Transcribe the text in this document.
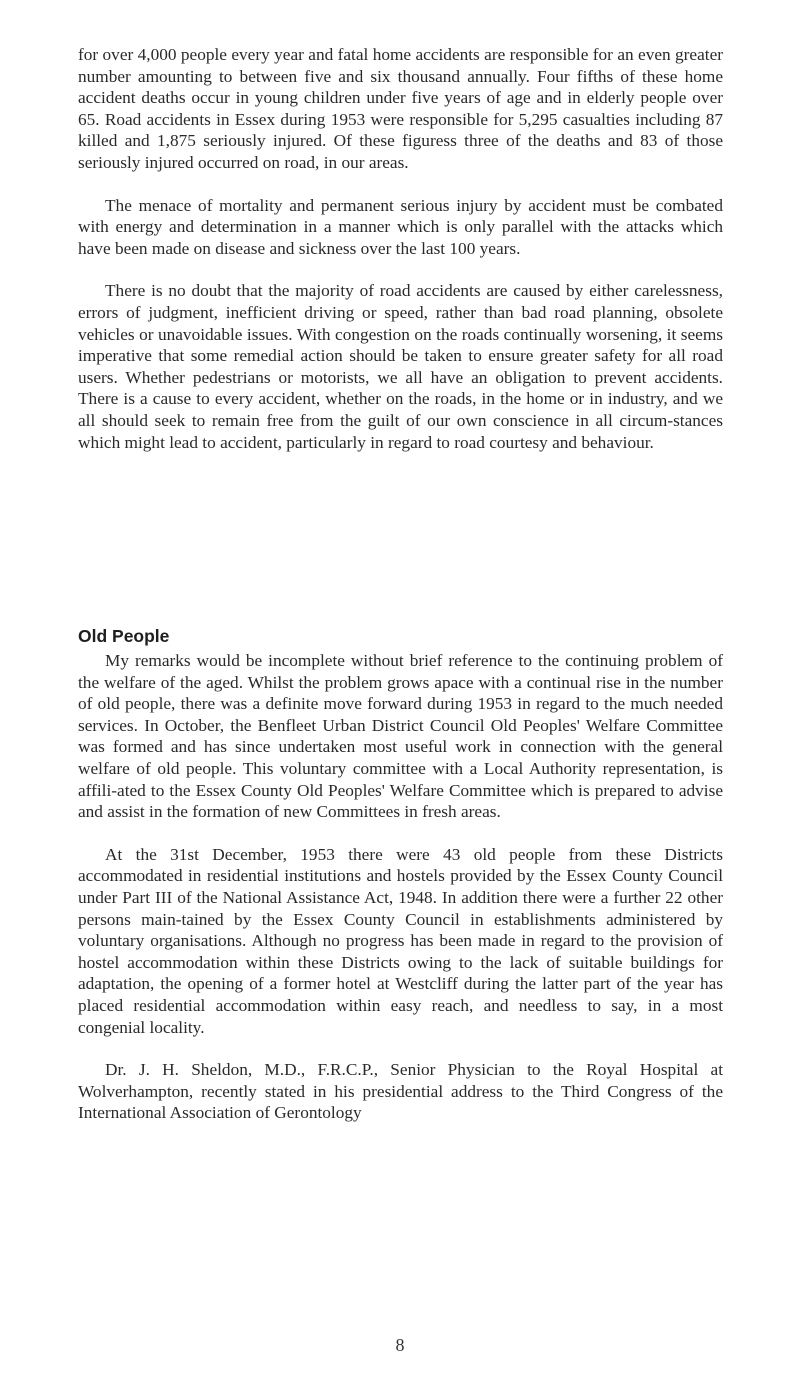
for over 4,000 people every year and fatal home accidents are responsible for an even greater number amounting to between five and six thousand annually. Four fifths of these home accident deaths occur in young children under five years of age and in elderly people over 65. Road accidents in Essex during 1953 were responsible for 5,295 casualties including 87 killed and 1,875 seriously injured. Of these figuress three of the deaths and 83 of those seriously injured occurred on road, in our areas.

The menace of mortality and permanent serious injury by accident must be combated with energy and determination in a manner which is only parallel with the attacks which have been made on disease and sickness over the last 100 years.

There is no doubt that the majority of road accidents are caused by either carelessness, errors of judgment, inefficient driving or speed, rather than bad road planning, obsolete vehicles or unavoidable issues. With congestion on the roads continually worsening, it seems imperative that some remedial action should be taken to ensure greater safety for all road users. Whether pedestrians or motorists, we all have an obligation to prevent accidents. There is a cause to every accident, whether on the roads, in the home or in industry, and we all should seek to remain free from the guilt of our own conscience in all circum-stances which might lead to accident, particularly in regard to road courtesy and behaviour.

Old People

My remarks would be incomplete without brief reference to the continuing problem of the welfare of the aged. Whilst the problem grows apace with a continual rise in the number of old people, there was a definite move forward during 1953 in regard to the much needed services. In October, the Benfleet Urban District Council Old Peoples' Welfare Committee was formed and has since undertaken most useful work in connection with the general welfare of old people. This voluntary committee with a Local Authority representation, is affili-ated to the Essex County Old Peoples' Welfare Committee which is prepared to advise and assist in the formation of new Committees in fresh areas.

At the 31st December, 1953 there were 43 old people from these Districts accommodated in residential institutions and hostels provided by the Essex County Council under Part III of the National Assistance Act, 1948. In addition there were a further 22 other persons main-tained by the Essex County Council in establishments administered by voluntary organisations. Although no progress has been made in regard to the provision of hostel accommodation within these Districts owing to the lack of suitable buildings for adaptation, the opening of a former hotel at Westcliff during the latter part of the year has placed residential accommodation within easy reach, and needless to say, in a most congenial locality.

Dr. J. H. Sheldon, M.D., F.R.C.P., Senior Physician to the Royal Hospital at Wolverhampton, recently stated in his presidential address to the Third Congress of the International Association of Gerontology

8
